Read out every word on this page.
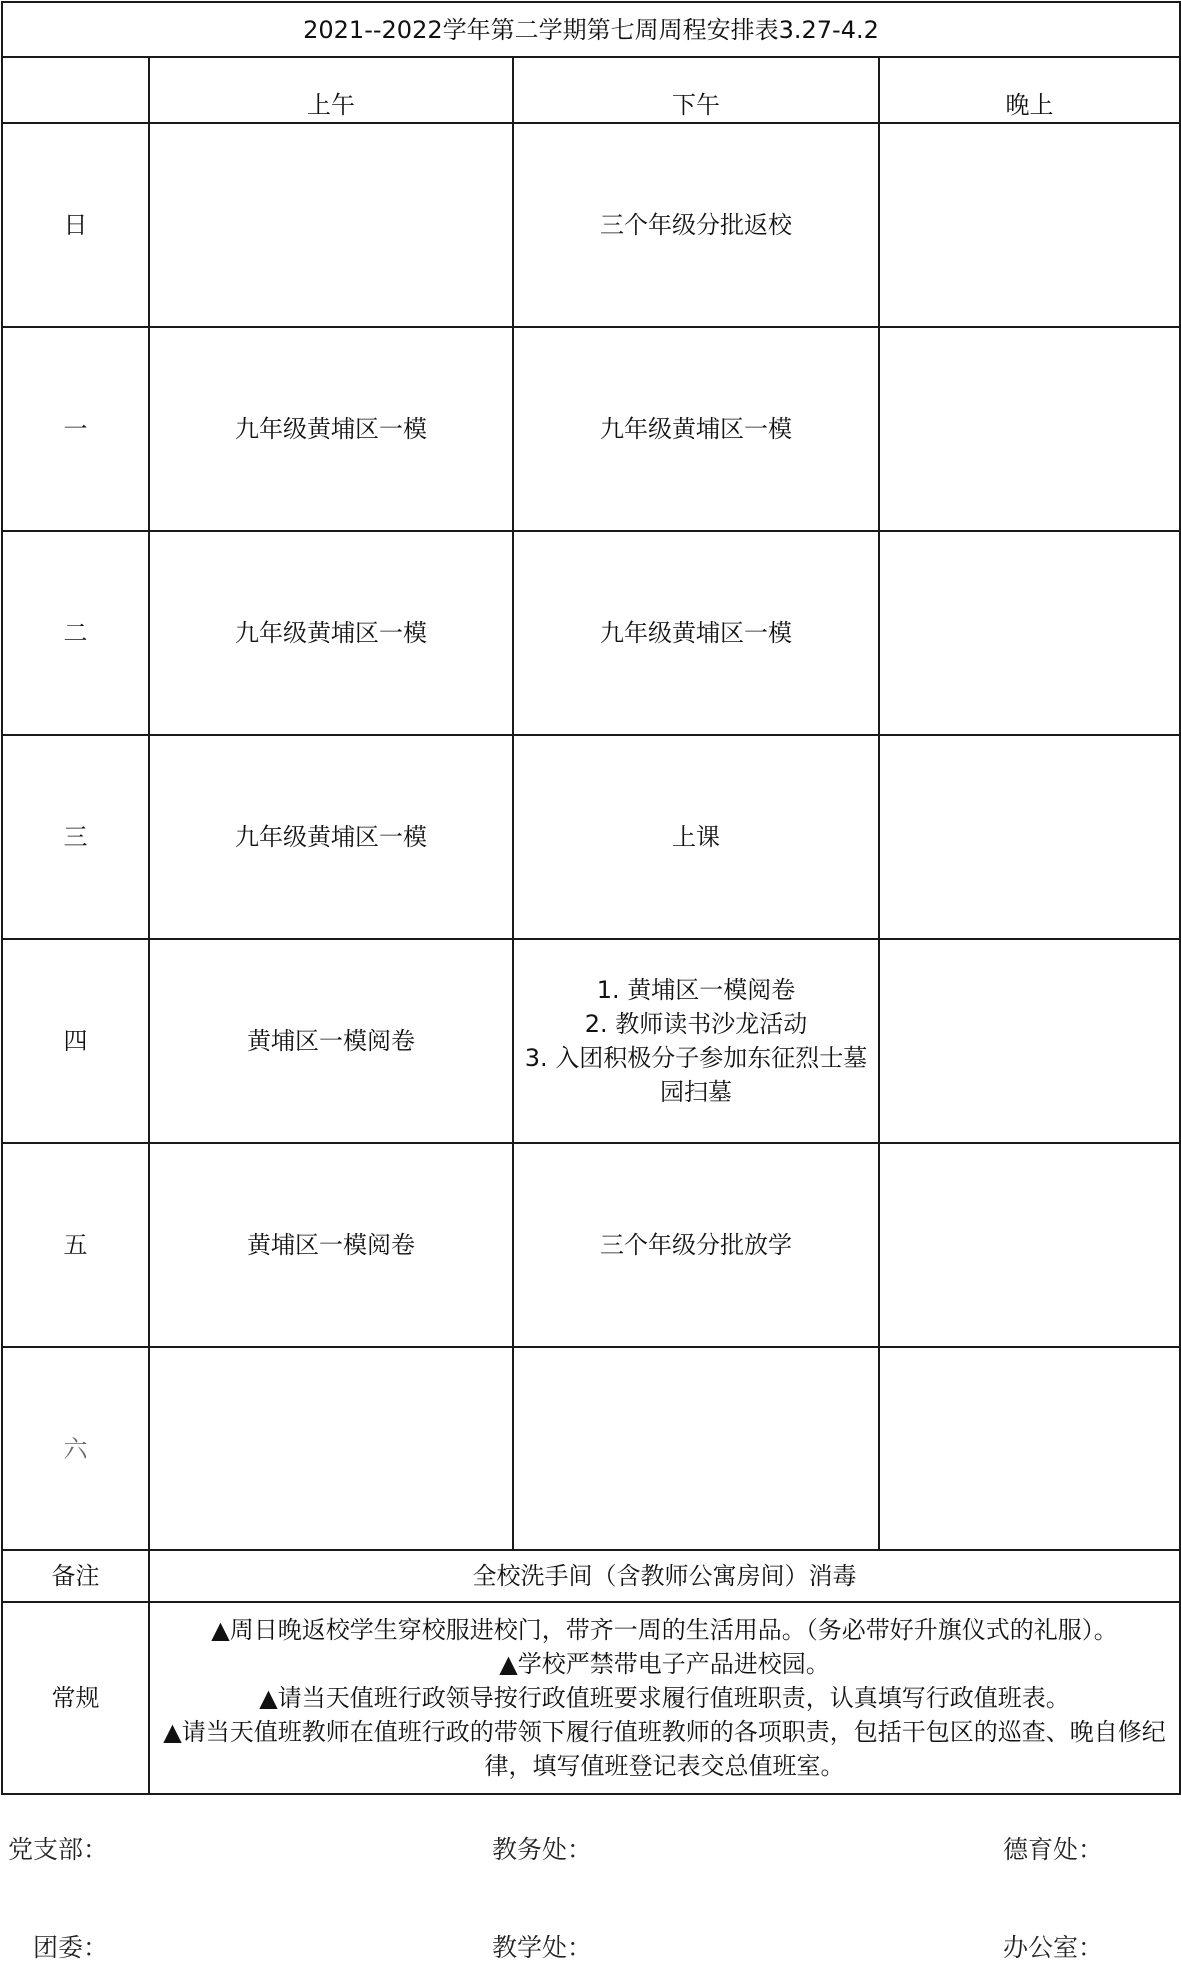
2021--2022学年第二学期第七周周程安排表3.27-4.2			
	上午	下午	晚上
日		三个年级分批返校	
一	九年级黄埔区一模	九年级黄埔区一模	
二	九年级黄埔区一模	九年级黄埔区一模	
三	九年级黄埔区一模	上课	
四	黄埔区一模阅卷	1. 黄埔区一模阅卷
2. 教师读书沙龙活动
3. 入团积极分子参加东征烈士墓
园扫墓	

五	黄埔区一模阅卷	三个年级分批放学	
六			
备注	全校洗手间（含教师公寓房间）消毒		
常规	▲周日晚返校学生穿校服进校门，带齐一周的生活用品。（务必带好升旗仪式的礼服）。
▲学校严禁带电子产品进校园。
▲请当天值班行政领导按行政值班要求履行值班职责，认真填写行政值班表。
▲请当天值班教师在值班行政的带领下履行值班教师的各项职责，包括干包区的巡查、晚自修纪
律，填写值班登记表交总值班室。		
党支部：	教务处：	德育处：
团委：	教学处：	办公室：
